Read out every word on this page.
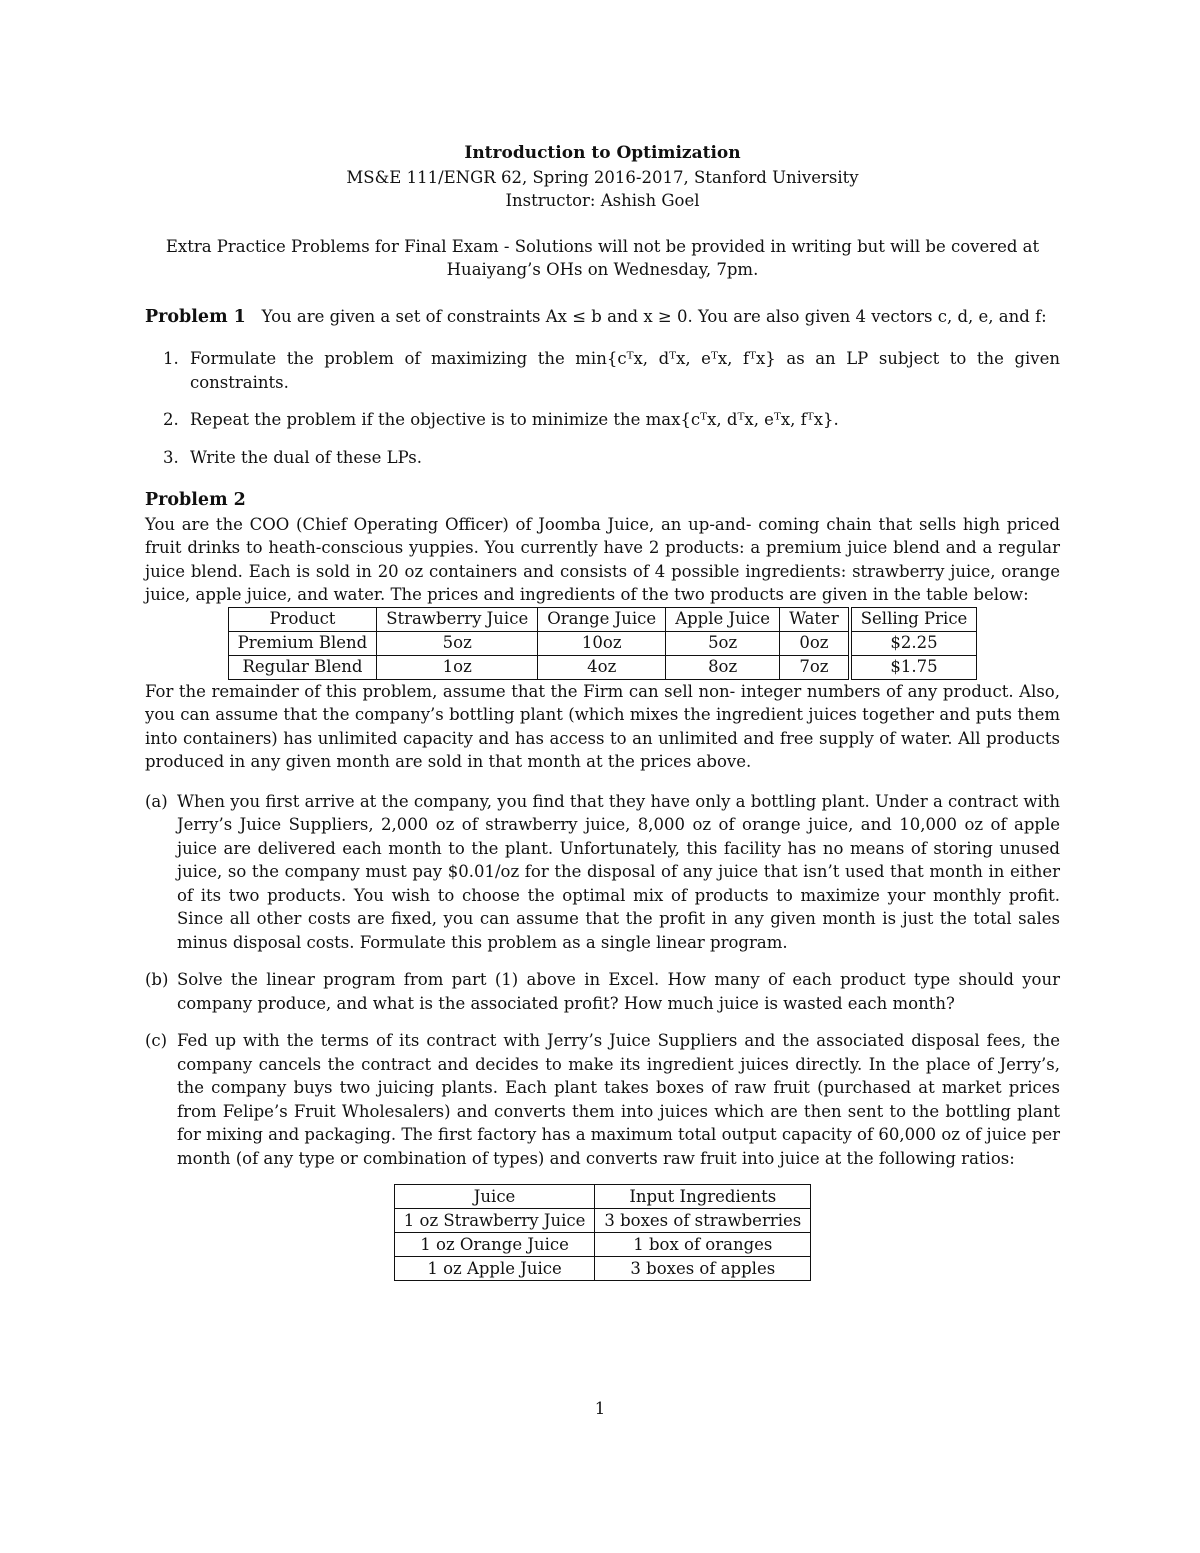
Introduction to Optimization
MS&E 111/ENGR 62, Spring 2016-2017, Stanford University
Instructor: Ashish Goel
Extra Practice Problems for Final Exam - Solutions will not be provided in writing but will be covered at Huaiyang’s OHs on Wednesday, 7pm.

Problem 1 You are given a set of constraints Ax ≤ b and x ≥ 0. You are also given 4 vectors c, d, e, and f:

1. Formulate the problem of maximizing the min{cᵀx, dᵀx, eᵀx, fᵀx} as an LP subject to the given constraints.
2. Repeat the problem if the objective is to minimize the max{cᵀx, dᵀx, eᵀx, fᵀx}.
3. Write the dual of these LPs.
Problem 2

You are the COO (Chief Operating Officer) of Joomba Juice, an up-and- coming chain that sells high priced fruit drinks to heath-conscious yuppies. You currently have 2 products: a premium juice blend and a regular juice blend. Each is sold in 20 oz containers and consists of 4 possible ingredients: strawberry juice, orange juice, apple juice, and water. The prices and ingredients of the two products are given in the table below:

Product	Strawberry Juice	Orange Juice	Apple Juice	Water	Selling Price
Premium Blend	5oz	10oz	5oz	0oz	$2.25
Regular Blend	1oz	4oz	8oz	7oz	$1.75

For the remainder of this problem, assume that the Firm can sell non- integer numbers of any product. Also, you can assume that the company’s bottling plant (which mixes the ingredient juices together and puts them into containers) has unlimited capacity and has access to an unlimited and free supply of water. All products produced in any given month are sold in that month at the prices above.

(a) When you first arrive at the company, you find that they have only a bottling plant. Under a contract with Jerry’s Juice Suppliers, 2,000 oz of strawberry juice, 8,000 oz of orange juice, and 10,000 oz of apple juice are delivered each month to the plant. Unfortunately, this facility has no means of storing unused juice, so the company must pay $0.01/oz for the disposal of any juice that isn’t used that month in either of its two products. You wish to choose the optimal mix of products to maximize your monthly profit. Since all other costs are fixed, you can assume that the profit in any given month is just the total sales minus disposal costs. Formulate this problem as a single linear program.
(b) Solve the linear program from part (1) above in Excel. How many of each product type should your company produce, and what is the associated profit? How much juice is wasted each month?
(c) Fed up with the terms of its contract with Jerry’s Juice Suppliers and the associated disposal fees, the company cancels the contract and decides to make its ingredient juices directly. In the place of Jerry’s, the company buys two juicing plants. Each plant takes boxes of raw fruit (purchased at market prices from Felipe’s Fruit Wholesalers) and converts them into juices which are then sent to the bottling plant for mixing and packaging. The first factory has a maximum total output capacity of 60,000 oz of juice per month (of any type or combination of types) and converts raw fruit into juice at the following ratios:
Juice	Input Ingredients
1 oz Strawberry Juice	3 boxes of strawberries
1 oz Orange Juice	1 box of oranges
1 oz Apple Juice	3 boxes of apples
1
